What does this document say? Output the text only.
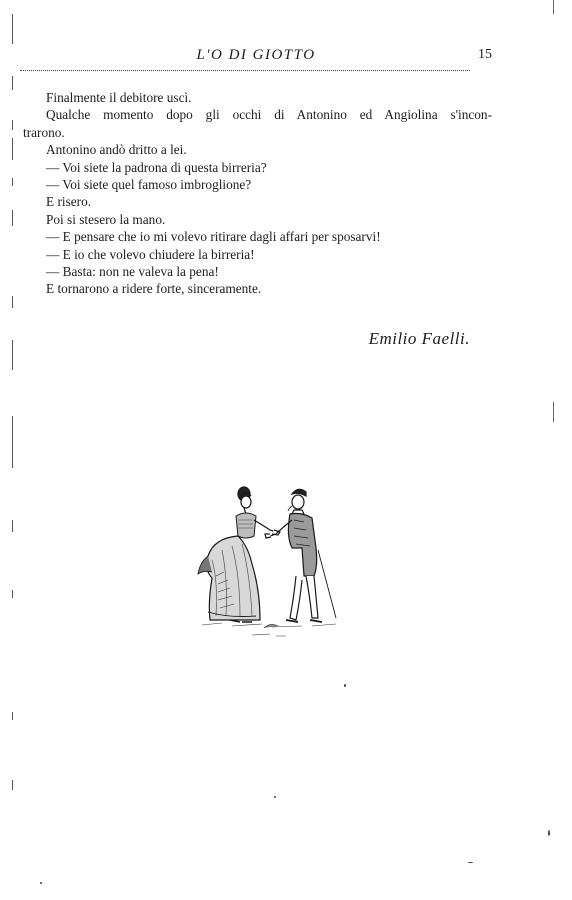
L'O DI GIOTTO	15

Finalmente il debitore uscì.

Qualche momento dopo gli occhi di Antonino ed Angiolina s'incon-

trarono.

Antonino andò dritto a lei.

— Voi siete la padrona di questa birreria?

— Voi siete quel famoso imbroglione?

E risero.

Poi si stesero la mano.

— E pensare che io mi volevo ritirare dagli affari per sposarvi!

— E io che volevo chiudere la birreria!

— Basta: non ne valeva la pena!

E tornarono a ridere forte, sinceramente.

Emilio Faelli.
